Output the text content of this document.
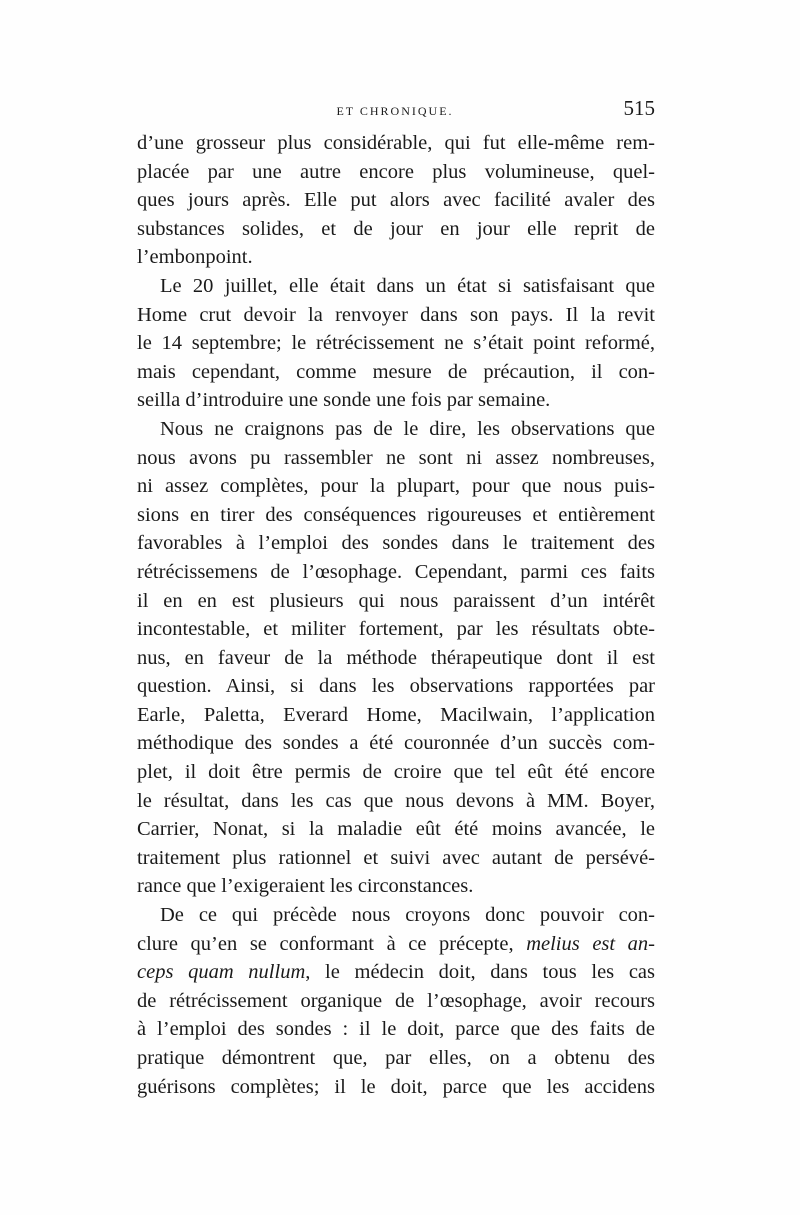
ET CHRONIQUE.	515
d’une grosseur plus considérable, qui fut elle-même rem-
placée par une autre encore plus volumineuse, quel-
ques jours après. Elle put alors avec facilité avaler des
substances solides, et de jour en jour elle reprit de
l’embonpoint.
Le 20 juillet, elle était dans un état si satisfaisant que
Home crut devoir la renvoyer dans son pays. Il la revit
le 14 septembre; le rétrécissement ne s’était point reformé,
mais cependant, comme mesure de précaution, il con-
seilla d’introduire une sonde une fois par semaine.
Nous ne craignons pas de le dire, les observations que
nous avons pu rassembler ne sont ni assez nombreuses,
ni assez complètes, pour la plupart, pour que nous puis-
sions en tirer des conséquences rigoureuses et entièrement
favorables à l’emploi des sondes dans le traitement des
rétrécissemens de l’œsophage. Cependant, parmi ces faits
il en en est plusieurs qui nous paraissent d’un intérêt
incontestable, et militer fortement, par les résultats obte-
nus, en faveur de la méthode thérapeutique dont il est
question. Ainsi, si dans les observations rapportées par
Earle, Paletta, Everard Home, Macilwain, l’application
méthodique des sondes a été couronnée d’un succès com-
plet, il doit être permis de croire que tel eût été encore
le résultat, dans les cas que nous devons à MM. Boyer,
Carrier, Nonat, si la maladie eût été moins avancée, le
traitement plus rationnel et suivi avec autant de persévé-
rance que l’exigeraient les circonstances.
De ce qui précède nous croyons donc pouvoir con-
clure qu’en se conformant à ce précepte, melius est an-
ceps quam nullum, le médecin doit, dans tous les cas
de rétrécissement organique de l’œsophage, avoir recours
à l’emploi des sondes : il le doit, parce que des faits de
pratique démontrent que, par elles, on a obtenu des
guérisons complètes; il le doit, parce que les accidens
